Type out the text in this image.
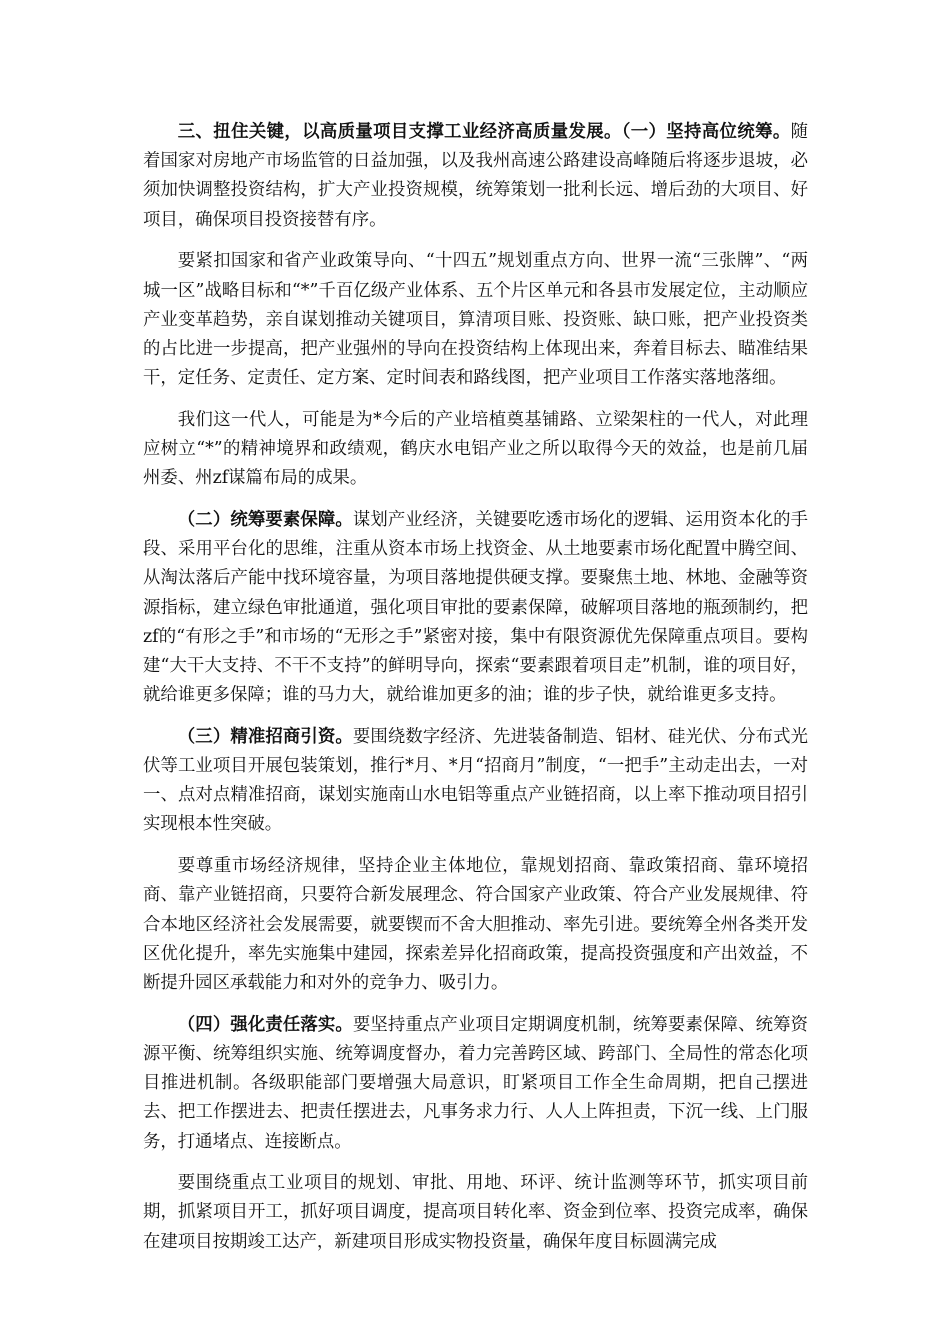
三、扭住关键，以高质量项目支撑工业经济高质量发展。（一）坚持高位统筹。随着国家对房地产市场监管的日益加强，以及我州高速公路建设高峰随后将逐步退坡，必须加快调整投资结构，扩大产业投资规模，统筹策划一批利长远、增后劲的大项目、好项目，确保项目投资接替有序。

要紧扣国家和省产业政策导向、“十四五”规划重点方向、世界一流“三张牌”、“两城一区”战略目标和“*”千百亿级产业体系、五个片区单元和各县市发展定位，主动顺应产业变革趋势，亲自谋划推动关键项目，算清项目账、投资账、缺口账，把产业投资类的占比进一步提高，把产业强州的导向在投资结构上体现出来，奔着目标去、瞄准结果干，定任务、定责任、定方案、定时间表和路线图，把产业项目工作落实落地落细。

我们这一代人，可能是为*今后的产业培植奠基铺路、立梁架柱的一代人，对此理应树立“*”的精神境界和政绩观，鹤庆水电铝产业之所以取得今天的效益，也是前几届州委、州zf谋篇布局的成果。

（二）统筹要素保障。谋划产业经济，关键要吃透市场化的逻辑、运用资本化的手段、采用平台化的思维，注重从资本市场上找资金、从土地要素市场化配置中腾空间、从淘汰落后产能中找环境容量，为项目落地提供硬支撑。要聚焦土地、林地、金融等资源指标，建立绿色审批通道，强化项目审批的要素保障，破解项目落地的瓶颈制约，把zf的“有形之手”和市场的“无形之手”紧密对接，集中有限资源优先保障重点项目。要构建“大干大支持、不干不支持”的鲜明导向，探索“要素跟着项目走”机制，谁的项目好，就给谁更多保障；谁的马力大，就给谁加更多的油；谁的步子快，就给谁更多支持。

（三）精准招商引资。要围绕数字经济、先进装备制造、铝材、硅光伏、分布式光伏等工业项目开展包装策划，推行*月、*月“招商月”制度，“一把手”主动走出去，一对一、点对点精准招商，谋划实施南山水电铝等重点产业链招商，以上率下推动项目招引实现根本性突破。

要尊重市场经济规律，坚持企业主体地位，靠规划招商、靠政策招商、靠环境招商、靠产业链招商，只要符合新发展理念、符合国家产业政策、符合产业发展规律、符合本地区经济社会发展需要，就要锲而不舍大胆推动、率先引进。要统筹全州各类开发区优化提升，率先实施集中建园，探索差异化招商政策，提高投资强度和产出效益，不断提升园区承载能力和对外的竞争力、吸引力。

（四）强化责任落实。要坚持重点产业项目定期调度机制，统筹要素保障、统筹资源平衡、统筹组织实施、统筹调度督办，着力完善跨区域、跨部门、全局性的常态化项目推进机制。各级职能部门要增强大局意识，盯紧项目工作全生命周期，把自己摆进去、把工作摆进去、把责任摆进去，凡事务求力行、人人上阵担责，下沉一线、上门服务，打通堵点、连接断点。

要围绕重点工业项目的规划、审批、用地、环评、统计监测等环节，抓实项目前期，抓紧项目开工，抓好项目调度，提高项目转化率、资金到位率、投资完成率，确保在建项目按期竣工达产，新建项目形成实物投资量，确保年度目标圆满完成
